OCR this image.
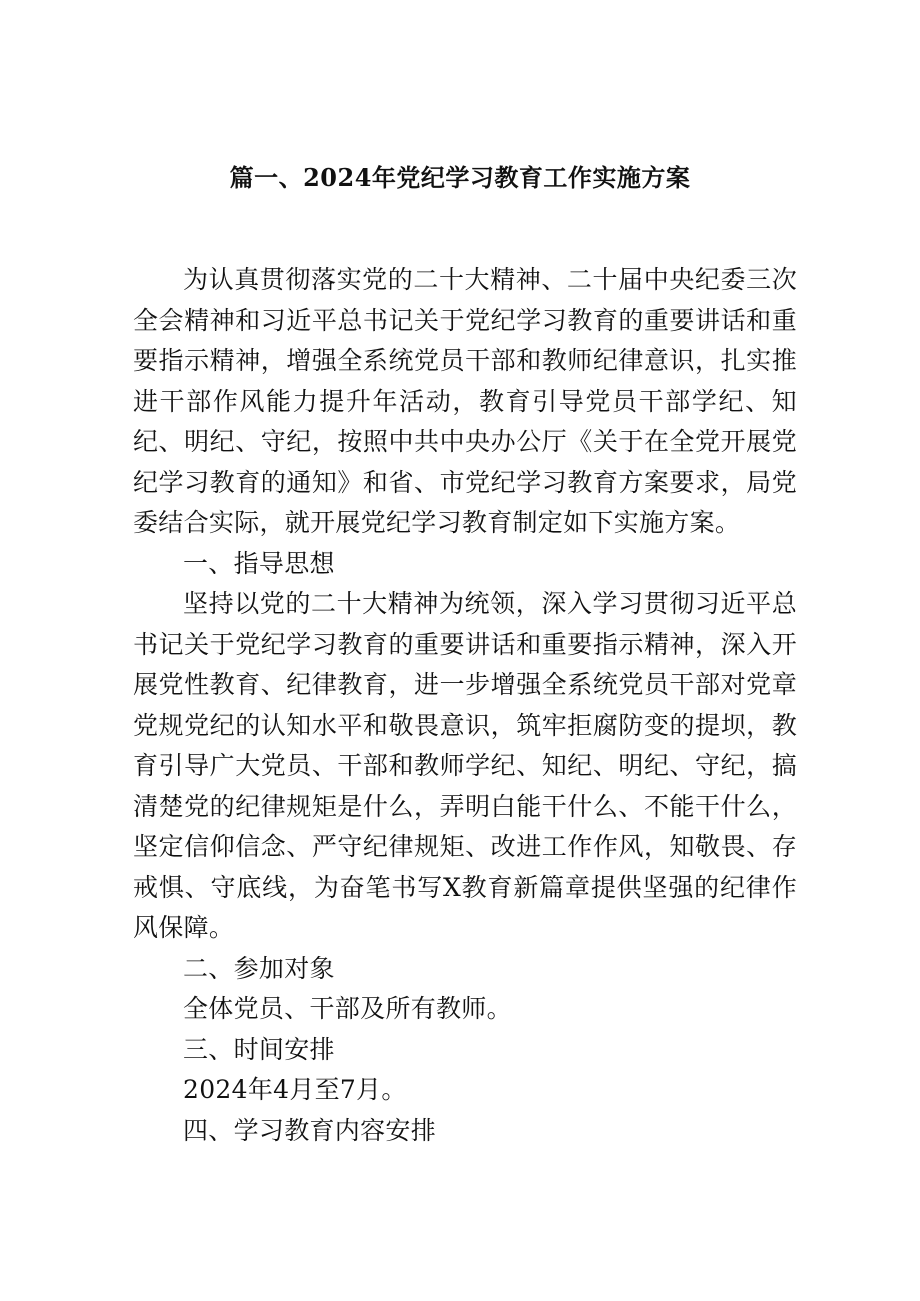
篇一、2024年党纪学习教育工作实施方案

为认真贯彻落实党的二十大精神、二十届中央纪委三次全会精神和习近平总书记关于党纪学习教育的重要讲话和重要指示精神，增强全系统党员干部和教师纪律意识，扎实推进干部作风能力提升年活动，教育引导党员干部学纪、知纪、明纪、守纪，按照中共中央办公厅《关于在全党开展党纪学习教育的通知》和省、市党纪学习教育方案要求，局党委结合实际，就开展党纪学习教育制定如下实施方案。

一、指导思想

坚持以党的二十大精神为统领，深入学习贯彻习近平总书记关于党纪学习教育的重要讲话和重要指示精神，深入开展党性教育、纪律教育，进一步增强全系统党员干部对党章党规党纪的认知水平和敬畏意识，筑牢拒腐防变的提坝，教育引导广大党员、干部和教师学纪、知纪、明纪、守纪，搞清楚党的纪律规矩是什么，弄明白能干什么、不能干什么，坚定信仰信念、严守纪律规矩、改进工作作风，知敬畏、存戒惧、守底线，为奋笔书写X教育新篇章提供坚强的纪律作风保障。

二、参加对象

全体党员、干部及所有教师。

三、时间安排

2024年4月至7月。

四、学习教育内容安排
